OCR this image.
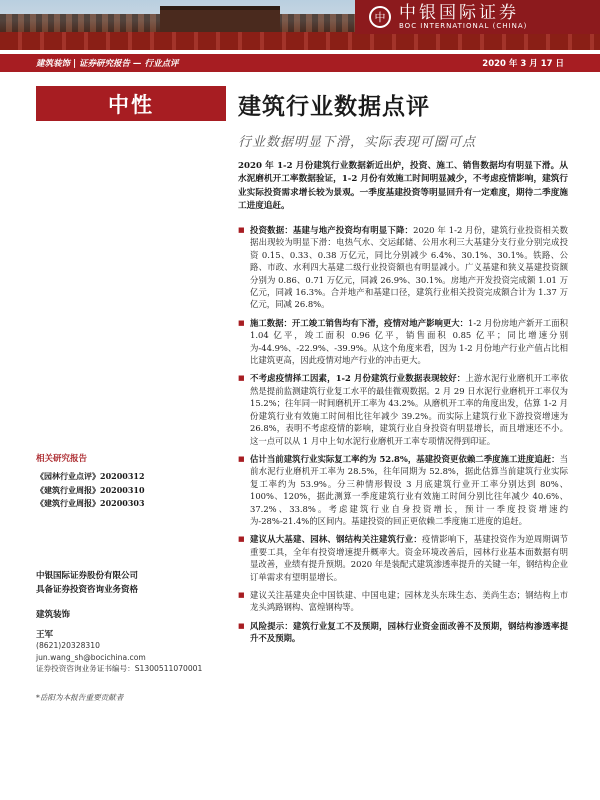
中 中银国际证券
BOC INTERNATIONAL (CHINA)
建筑装饰 | 证券研究报告 — 行业点评	2020 年 3 月 17 日
中性	建筑行业数据点评
行业数据明显下滑，实际表现可圈可点
2020 年 1-2 月份建筑行业数据新近出炉，投资、施工、销售数据均有明显下滑。从水泥磨机开工率数据验证，1-2 月份有效施工时间明显减少，不考虑疫情影响，建筑行业实际投资需求增长较为景观。一季度基建投资等明显回升有一定难度，期待二季度施工进度追赶。
■ 投资数据：基建与地产投资均有明显下降：2020 年 1-2 月份，建筑行业投资相关数据出现较为明显下滑：电热气水、交运邮储、公用水利三大基建分支行业分别完成投资 0.15、0.33、0.38 万亿元，同比分别减少 6.4%、30.1%、30.1%。铁路、公路、市政、水利四大基建二级行业投资额也有明显减小。广义基建和狭义基建投资额分别为 0.86、0.71 万亿元，同减 26.9%、30.1%。房地产开发投资完成额 1.01 万亿元，同减 16.3%。合并地产和基建口径，建筑行业相关投资完成额合计为 1.37 万亿元，同减 26.8%。
■ 施工数据：开工竣工销售均有下滑，疫情对地产影响更大：1-2 月份房地产新开工面积 1.04 亿平，竣工面积 0.96 亿平，销售面积 0.85 亿平；同比增速分别为-44.9%、-22.9%、-39.9%。从这个角度来看，因为 1-2 月份地产行业产值占比相比建筑更高，因此疫情对地产行业的冲击更大。
■ 不考虑疫情择工因素，1-2 月份建筑行业数据表现较好：上游水泥行业磨机开工率依然是提前监测建筑行业复工水平的最佳微观数据。2 月 29 日水泥行业磨机开工率仅为 15.2%；往年同一时间磨机开工率为 43.2%。从磨机开工率的角度出发，估算 1-2 月份建筑行业有效施工时间相比往年减少 39.2%。而实际上建筑行业下游投资增速为 26.8%，表明不考虑疫情的影响，建筑行业自身投资有明显增长，而且增速还不小。这一点可以从 1 月中上旬水泥行业磨机开工率专项情况得到印证。
■ 估计当前建筑行业实际复工率约为 52.8%，基建投资更依赖二季度施工进度追赶：当前水泥行业磨机开工率为 28.5%，往年同期为 52.8%，据此估算当前建筑行业实际复工率约为 53.9%。分三种情形假设 3 月底建筑行业开工率分别达到 80%、100%、120%，据此测算一季度建筑行业有效施工时间分别比往年减少 40.6%、37.2%、33.8%。考虑建筑行业自身投资增长，预计一季度投资增速约为-28%-21.4%的区间内。基建投资的回正更依赖二季度施工进度的追赶。
■ 建议从大基建、园林、钢结构关注建筑行业：疫情影响下，基建投资作为逆周期调节重要工具，全年有投资增速提升概率大。资金环境改善后，园林行业基本面数据有明显改善，业绩有提升预期。2020 年是装配式建筑渗透率提升的关键一年，钢结构企业订单需求有望明显增长。
■ 建议关注基建央企中国铁建、中国电建；园林龙头东珠生态、美尚生态；钢结构上市龙头鸿路钢构、富煌钢构等。
■ 风险提示：建筑行业复工不及预期，园林行业资金面改善不及预期，钢结构渗透率提升不及预期。
相关研究报告
《园林行业点评》20200312
《建筑行业周报》20200310
《建筑行业周报》20200303
中银国际证券股份有限公司
具备证券投资咨询业务资格
建筑装饰
王军
(8621)20328310
jun.wang_sh@bocichina.com
证券投资咨询业务证书编号：S1300511070001
*岳阳为本报告重要贡献者
